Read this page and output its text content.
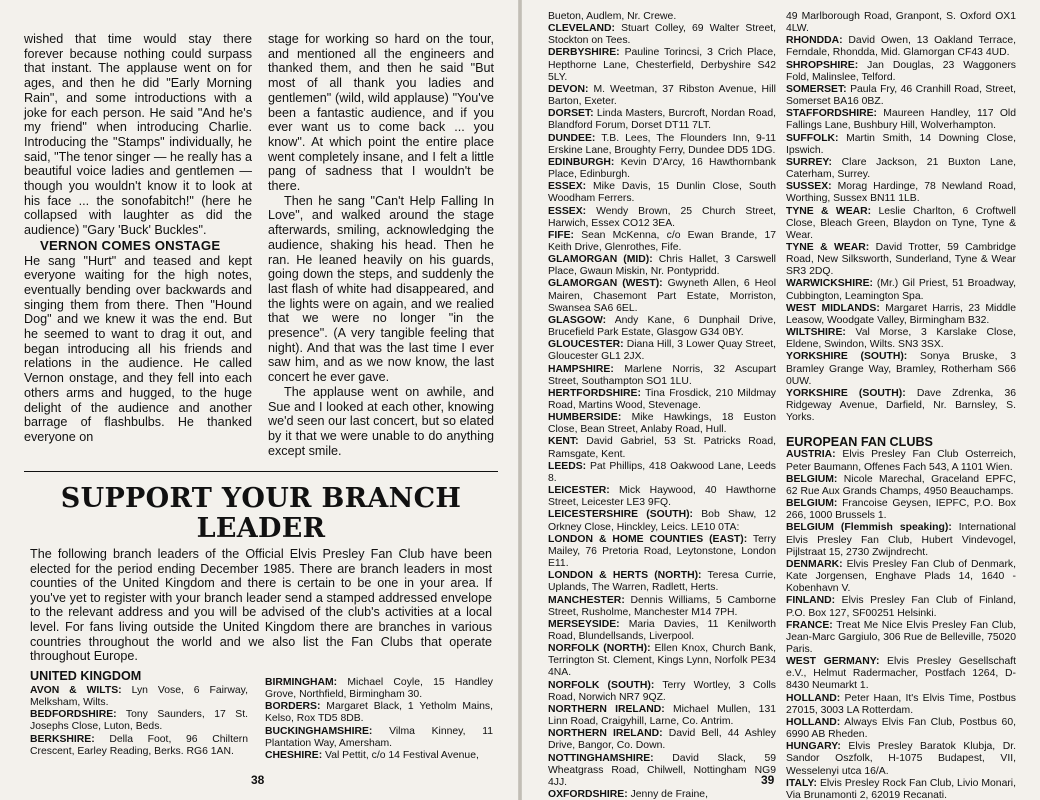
wished that time would stay there forever because nothing could surpass that instant. The applause went on for ages, and then he did "Early Morning Rain", and some introductions with a joke for each person. He said "And he's my friend" when introducing Charlie. Introducing the "Stamps" individually, he said, "The tenor singer — he really has a beautiful voice ladies and gentlemen — though you wouldn't know it to look at his face ... the sonofabitch!" (here he collapsed with laughter as did the audience) "Gary 'Buck' Buckles".

VERNON COMES ONSTAGE

He sang "Hurt" and teased and kept everyone waiting for the high notes, eventually bending over backwards and singing them from there. Then "Hound Dog" and we knew it was the end. But he seemed to want to drag it out, and began introducing all his friends and relations in the audience. He called Vernon onstage, and they fell into each others arms and hugged, to the huge delight of the audience and another barrage of flashbulbs. He thanked everyone on

stage for working so hard on the tour, and mentioned all the engineers and thanked them, and then he said "But most of all thank you ladies and gentlemen" (wild, wild applause) "You've been a fantastic audience, and if you ever want us to come back ... you know". At which point the entire place went completely insane, and I felt a little pang of sadness that I wouldn't be there.

Then he sang "Can't Help Falling In Love", and walked around the stage afterwards, smiling, acknowledging the audience, shaking his head. Then he ran. He leaned heavily on his guards, going down the steps, and suddenly the last flash of white had disappeared, and the lights were on again, and we realied that we were no longer "in the presence". (A very tangible feeling that night). And that was the last time I ever saw him, and as we now know, the last concert he ever gave.

The applause went on awhile, and Sue and I looked at each other, knowing we'd seen our last concert, but so elated by it that we were unable to do anything except smile.

SUPPORT YOUR BRANCH LEADER

The following branch leaders of the Official Elvis Presley Fan Club have been elected for the period ending December 1985. There are branch leaders in most counties of the United Kingdom and there is certain to be one in your area. If you've yet to register with your branch leader send a stamped addressed envelope to the relevant address and you will be advised of the club's activities at a local level. For fans living outside the United Kingdom there are branches in various countries throughout the world and we also list the Fan Clubs that operate throughout Europe.

UNITED KINGDOM

AVON & WILTS: Lyn Vose, 6 Fairway, Melksham, Wilts.

BEDFORDSHIRE: Tony Saunders, 17 St. Josephs Close, Luton, Beds.

BERKSHIRE: Della Foot, 96 Chiltern Crescent, Earley Reading, Berks. RG6 1AN.

BIRMINGHAM: Michael Coyle, 15 Handley Grove, Northfield, Birmingham 30.

BORDERS: Margaret Black, 1 Yetholm Mains, Kelso, Rox TD5 8DB.

BUCKINGHAMSHIRE: Vilma Kinney, 11 Plantation Way, Amersham.

CHESHIRE: Val Pettit, c/o 14 Festival Avenue,

38

Bueton, Audlem, Nr. Crewe.

CLEVELAND: Stuart Colley, 69 Walter Street, Stockton on Tees.

DERBYSHIRE: Pauline Torincsi, 3 Crich Place, Hepthorne Lane, Chesterfield, Derbyshire S42 5LY.

DEVON: M. Weetman, 37 Ribston Avenue, Hill Barton, Exeter.

DORSET: Linda Masters, Burcroft, Nordan Road, Blandford Forum, Dorset DT11 7LT.

DUNDEE: T.B. Lees, The Flounders Inn, 9-11 Erskine Lane, Broughty Ferry, Dundee DD5 1DG.

EDINBURGH: Kevin D'Arcy, 16 Hawthornbank Place, Edinburgh.

ESSEX: Mike Davis, 15 Dunlin Close, South Woodham Ferrers.

ESSEX: Wendy Brown, 25 Church Street, Harwich, Essex CO12 3EA.

FIFE: Sean McKenna, c/o Ewan Brande, 17 Keith Drive, Glenrothes, Fife.

GLAMORGAN (MID): Chris Hallet, 3 Carswell Place, Gwaun Miskin, Nr. Pontypridd.

GLAMORGAN (WEST): Gwyneth Allen, 6 Heol Mairen, Chasemont Part Estate, Morriston, Swansea SA6 6EL.

GLASGOW: Andy Kane, 6 Dunphail Drive, Brucefield Park Estate, Glasgow G34 0BY.

GLOUCESTER: Diana Hill, 3 Lower Quay Street, Gloucester GL1 2JX.

HAMPSHIRE: Marlene Norris, 32 Ascupart Street, Southampton SO1 1LU.

HERTFORDSHIRE: Tina Frosdick, 210 Mildmay Road, Martins Wood, Stevenage.

HUMBERSIDE: Mike Hawkings, 18 Euston Close, Bean Street, Anlaby Road, Hull.

KENT: David Gabriel, 53 St. Patricks Road, Ramsgate, Kent.

LEEDS: Pat Phillips, 418 Oakwood Lane, Leeds 8.

LEICESTER: Mick Haywood, 40 Hawthorne Street, Leicester LE3 9FQ.

LEICESTERSHIRE (SOUTH): Bob Shaw, 12 Orkney Close, Hinckley, Leics. LE10 0TA:

LONDON & HOME COUNTIES (EAST): Terry Mailey, 76 Pretoria Road, Leytonstone, London E11.

LONDON & HERTS (NORTH): Teresa Currie, Uplands, The Warren, Radlett, Herts.

MANCHESTER: Dennis Williams, 5 Camborne Street, Rusholme, Manchester M14 7PH.

MERSEYSIDE: Maria Davies, 11 Kenilworth Road, Blundellsands, Liverpool.

NORFOLK (NORTH): Ellen Knox, Church Bank, Terrington St. Clement, Kings Lynn, Norfolk PE34 4NA.

NORFOLK (SOUTH): Terry Wortley, 3 Colls Road, Norwich NR7 9QZ.

NORTHERN IRELAND: Michael Mullen, 131 Linn Road, Craigyhill, Larne, Co. Antrim.

NORTHERN IRELAND: David Bell, 44 Ashley Drive, Bangor, Co. Down.

NOTTINGHAMSHIRE: David Slack, 59 Wheatgrass Road, Chilwell, Nottingham NG9 4JJ.

OXFORDSHIRE: Jenny de Fraine,

49 Marlborough Road, Granpont, S. Oxford OX1 4LW.

RHONDDA: David Owen, 13 Oakland Terrace, Ferndale, Rhondda, Mid. Glamorgan CF43 4UD.

SHROPSHIRE: Jan Douglas, 23 Waggoners Fold, Malinslee, Telford.

SOMERSET: Paula Fry, 46 Cranhill Road, Street, Somerset BA16 0BZ.

STAFFORDSHIRE: Maureen Handley, 117 Old Fallings Lane, Bushbury Hill, Wolverhampton.

SUFFOLK: Martin Smith, 14 Downing Close, Ipswich.

SURREY: Clare Jackson, 21 Buxton Lane, Caterham, Surrey.

SUSSEX: Morag Hardinge, 78 Newland Road, Worthing, Sussex BN11 1LB.

TYNE & WEAR: Leslie Charlton, 6 Croftwell Close, Bleach Green, Blaydon on Tyne, Tyne & Wear.

TYNE & WEAR: David Trotter, 59 Cambridge Road, New Silksworth, Sunderland, Tyne & Wear SR3 2DQ.

WARWICKSHIRE: (Mr.) Gil Priest, 51 Broadway, Cubbington, Leamington Spa.

WEST MIDLANDS: Margaret Harris, 23 Middle Leasow, Woodgate Valley, Birmingham B32.

WILTSHIRE: Val Morse, 3 Karslake Close, Eldene, Swindon, Wilts. SN3 3SX.

YORKSHIRE (SOUTH): Sonya Bruske, 3 Bramley Grange Way, Bramley, Rotherham S66 0UW.

YORKSHIRE (SOUTH): Dave Zdrenka, 36 Ridgeway Avenue, Darfield, Nr. Barnsley, S. Yorks.

EUROPEAN FAN CLUBS

AUSTRIA: Elvis Presley Fan Club Osterreich, Peter Baumann, Offenes Fach 543, A 1101 Wien.

BELGIUM: Nicole Marechal, Graceland EPFC, 62 Rue Aux Grands Champs, 4950 Beauchamps.

BELGIUM: Francoise Geysen, IEPFC, P.O. Box 266, 1000 Brussels 1.

BELGIUM (Flemmish speaking): International Elvis Presley Fan Club, Hubert Vindevogel, Pijlstraat 15, 2730 Zwijndrecht.

DENMARK: Elvis Presley Fan Club of Denmark, Kate Jorgensen, Enghave Plads 14, 1640 -Kobenhavn V.

FINLAND: Elvis Presley Fan Club of Finland, P.O. Box 127, SF00251 Helsinki.

FRANCE: Treat Me Nice Elvis Presley Fan Club, Jean-Marc Gargiulo, 306 Rue de Belleville, 75020 Paris.

WEST GERMANY: Elvis Presley Gesellschaft e.V., Helmut Radermacher, Postfach 1264, D-8430 Neumarkt 1.

HOLLAND: Peter Haan, It's Elvis Time, Postbus 27015, 3003 LA Rotterdam.

HOLLAND: Always Elvis Fan Club, Postbus 60, 6990 AB Rheden.

HUNGARY: Elvis Presley Baratok Klubja, Dr. Sandor Oszfolk, H-1075 Budapest, VII, Wesselenyi utca 16/A.

ITALY: Elvis Presley Rock Fan Club, Livio Monari, Via Brunamonti 2, 62019 Recanati.

39
